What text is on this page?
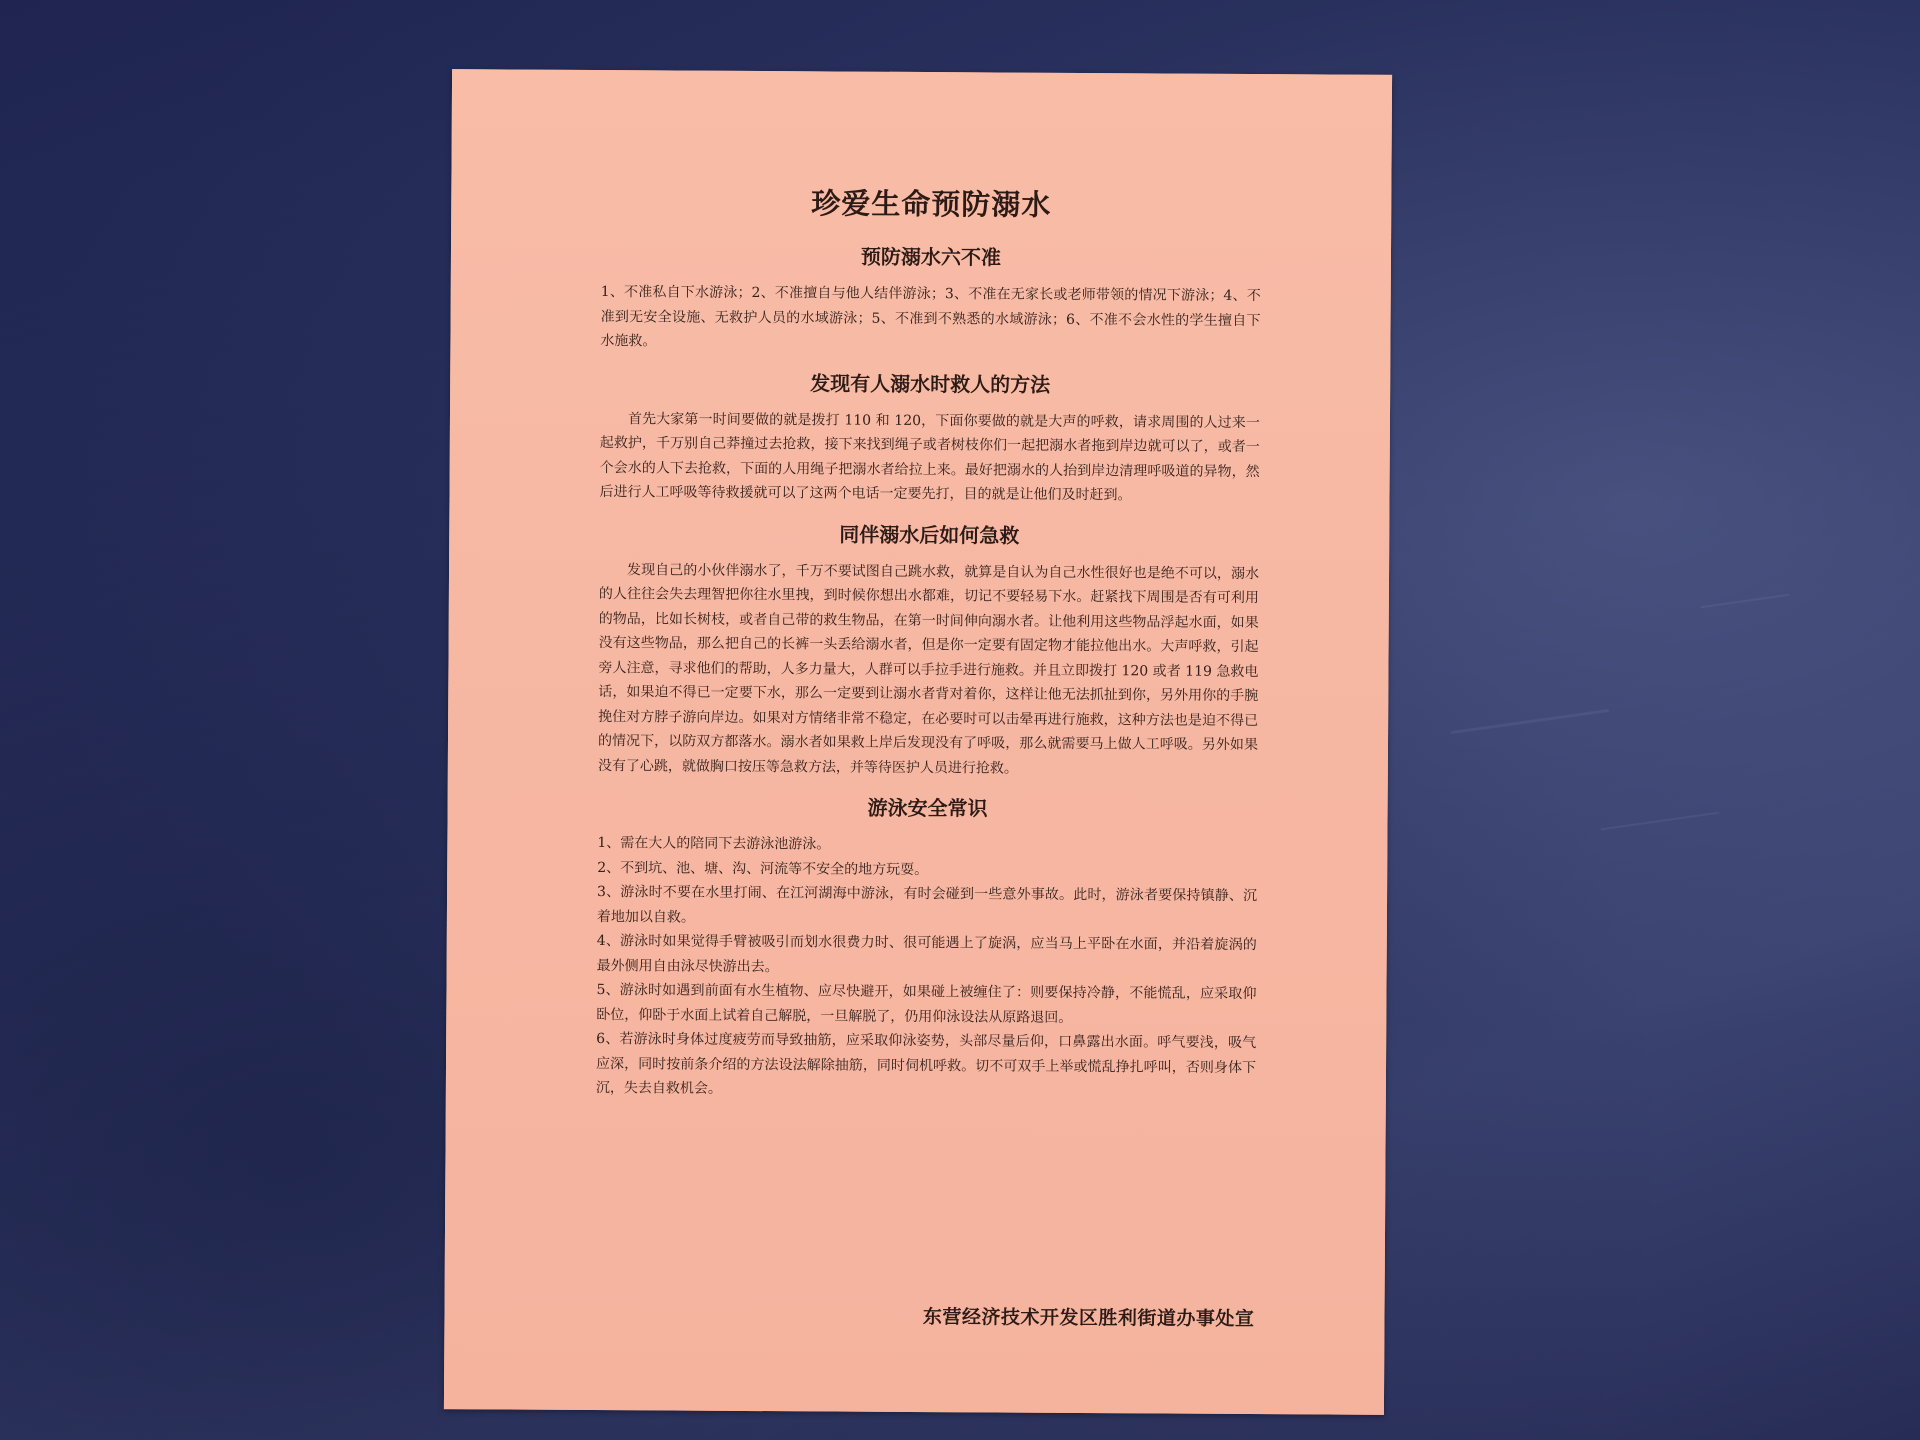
珍爱生命预防溺水
预防溺水六不准

1、不准私自下水游泳；2、不准擅自与他人结伴游泳；3、不准在无家长或老师带领的情况下游泳；4、不准到无安全设施、无救护人员的水域游泳；5、不准到不熟悉的水域游泳；6、不准不会水性的学生擅自下水施救。

发现有人溺水时救人的方法

首先大家第一时间要做的就是拨打 110 和 120，下面你要做的就是大声的呼救，请求周围的人过来一起救护，千万别自己莽撞过去抢救，接下来找到绳子或者树枝你们一起把溺水者拖到岸边就可以了，或者一个会水的人下去抢救，下面的人用绳子把溺水者给拉上来。最好把溺水的人抬到岸边清理呼吸道的异物，然后进行人工呼吸等待救援就可以了这两个电话一定要先打，目的就是让他们及时赶到。

同伴溺水后如何急救

发现自己的小伙伴溺水了，千万不要试图自己跳水救，就算是自认为自己水性很好也是绝不可以，溺水的人往往会失去理智把你往水里拽，到时候你想出水都难，切记不要轻易下水。赶紧找下周围是否有可利用的物品，比如长树枝，或者自己带的救生物品，在第一时间伸向溺水者。让他利用这些物品浮起水面，如果没有这些物品，那么把自己的长裤一头丢给溺水者，但是你一定要有固定物才能拉他出水。大声呼救，引起旁人注意，寻求他们的帮助，人多力量大，人群可以手拉手进行施救。并且立即拨打 120 或者 119 急救电话，如果迫不得已一定要下水，那么一定要到让溺水者背对着你，这样让他无法抓扯到你，另外用你的手腕挽住对方脖子游向岸边。如果对方情绪非常不稳定，在必要时可以击晕再进行施救，这种方法也是迫不得已的情况下，以防双方都落水。溺水者如果救上岸后发现没有了呼吸，那么就需要马上做人工呼吸。另外如果没有了心跳，就做胸口按压等急救方法，并等待医护人员进行抢救。

游泳安全常识
1、需在大人的陪同下去游泳池游泳。
2、不到坑、池、塘、沟、河流等不安全的地方玩耍。
3、游泳时不要在水里打闹、在江河湖海中游泳，有时会碰到一些意外事故。此时，游泳者要保持镇静、沉着地加以自救。
4、游泳时如果觉得手臂被吸引而划水很费力时、很可能遇上了旋涡，应当马上平卧在水面，并沿着旋涡的最外侧用自由泳尽快游出去。
5、游泳时如遇到前面有水生植物、应尽快避开，如果碰上被缠住了：则要保持冷静，不能慌乱，应采取仰卧位，仰卧于水面上试着自己解脱，一旦解脱了，仍用仰泳设法从原路退回。
6、若游泳时身体过度疲劳而导致抽筋，应采取仰泳姿势，头部尽量后仰，口鼻露出水面。呼气要浅，吸气应深，同时按前条介绍的方法设法解除抽筋，同时伺机呼救。切不可双手上举或慌乱挣扎呼叫，否则身体下沉，失去自救机会。
东营经济技术开发区胜利街道办事处宣
